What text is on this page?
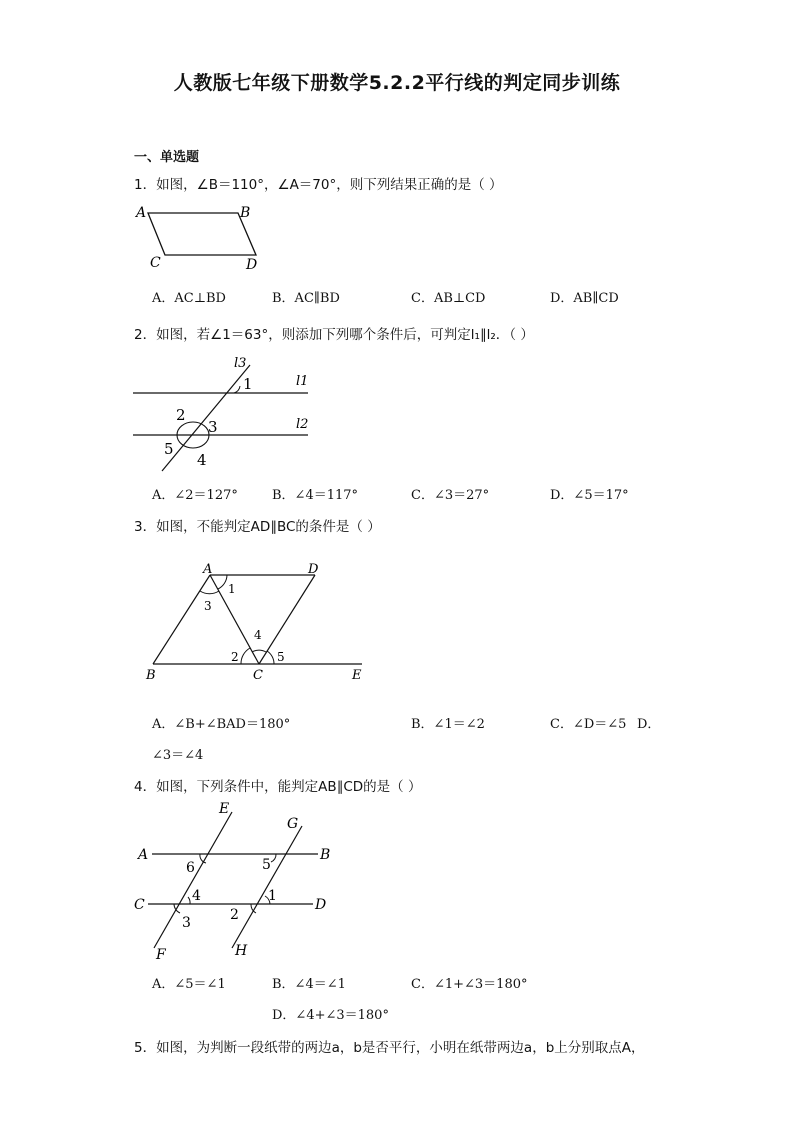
人教版七年级下册数学5.2.2平行线的判定同步训练
一、单选题
1．如图，∠B＝110°，∠A＝70°，则下列结果正确的是（ ）
A	B
C	D
A．AC⊥BD	B．AC∥BD	C．AB⊥CD	D．AB∥CD
2．如图，若∠1＝63°，则添加下列哪个条件后，可判定l₁∥l₂．（ ）
l3
l1
l2
1
2
3
4
5
A．∠2＝127°	B．∠4＝117°	C．∠3＝27°	D．∠5＝17°
3．如图，不能判定AD∥BC的条件是（ ）
A	D
B	C	E
1
3
4
2	5
A．∠B+∠BAD＝180°	B．∠1＝∠2	C．∠D＝∠5 D．
∠3＝∠4
4．如图，下列条件中，能判定AB∥CD的是（ ）
E
G
A	B
C	D
F	H
6	5
4	1
3	2
A．∠5＝∠1	B．∠4＝∠1	C．∠1+∠3＝180°
D．∠4+∠3＝180°
5．如图，为判断一段纸带的两边a，b是否平行，小明在纸带两边a，b上分别取点A，
